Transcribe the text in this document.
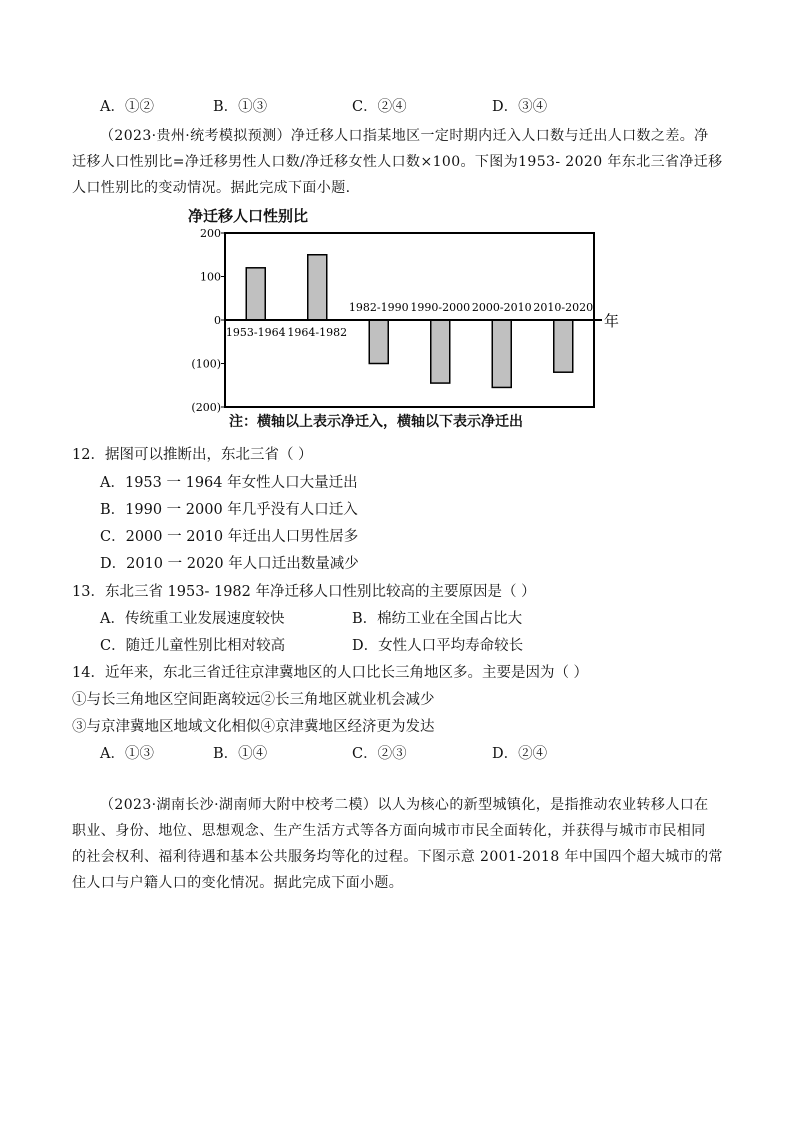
A．①②	B．①③	C．②④	D．③④
（2023·贵州·统考模拟预测）净迁移人口指某地区一定时期内迁入人口数与迁出人口数之差。净
迁移人口性别比=净迁移男性人口数/净迁移女性人口数×100。下图为1953- 2020 年东北三省净迁移
人口性别比的变动情况。据此完成下面小题.
净迁移人口性别比
200
100
0
(100)
(200)
1953-1964 1964-1982
1982-1990 1990-2000 2000-2010 2010-2020
年
注：横轴以上表示净迁入，横轴以下表示净迁出
12．据图可以推断出，东北三省（ ）
A．1953 一 1964 年女性人口大量迁出
B．1990 一 2000 年几乎没有人口迁入
C．2000 一 2010 年迁出人口男性居多
D．2010 一 2020 年人口迁出数量减少
13．东北三省 1953- 1982 年净迁移人口性别比较高的主要原因是（ ）
A．传统重工业发展速度较快	B．棉纺工业在全国占比大
C．随迁儿童性别比相对较高	D．女性人口平均寿命较长
14．近年来，东北三省迁往京津冀地区的人口比长三角地区多。主要是因为（ ）
①与长三角地区空间距离较远②长三角地区就业机会减少
③与京津冀地区地域文化相似④京津冀地区经济更为发达
A．①③	B．①④	C．②③	D．②④
（2023·湖南长沙·湖南师大附中校考二模）以人为核心的新型城镇化，是指推动农业转移人口在
职业、身份、地位、思想观念、生产生活方式等各方面向城市市民全面转化，并获得与城市市民相同
的社会权利、福利待遇和基本公共服务均等化的过程。下图示意 2001-2018 年中国四个超大城市的常
住人口与户籍人口的变化情况。据此完成下面小题。
